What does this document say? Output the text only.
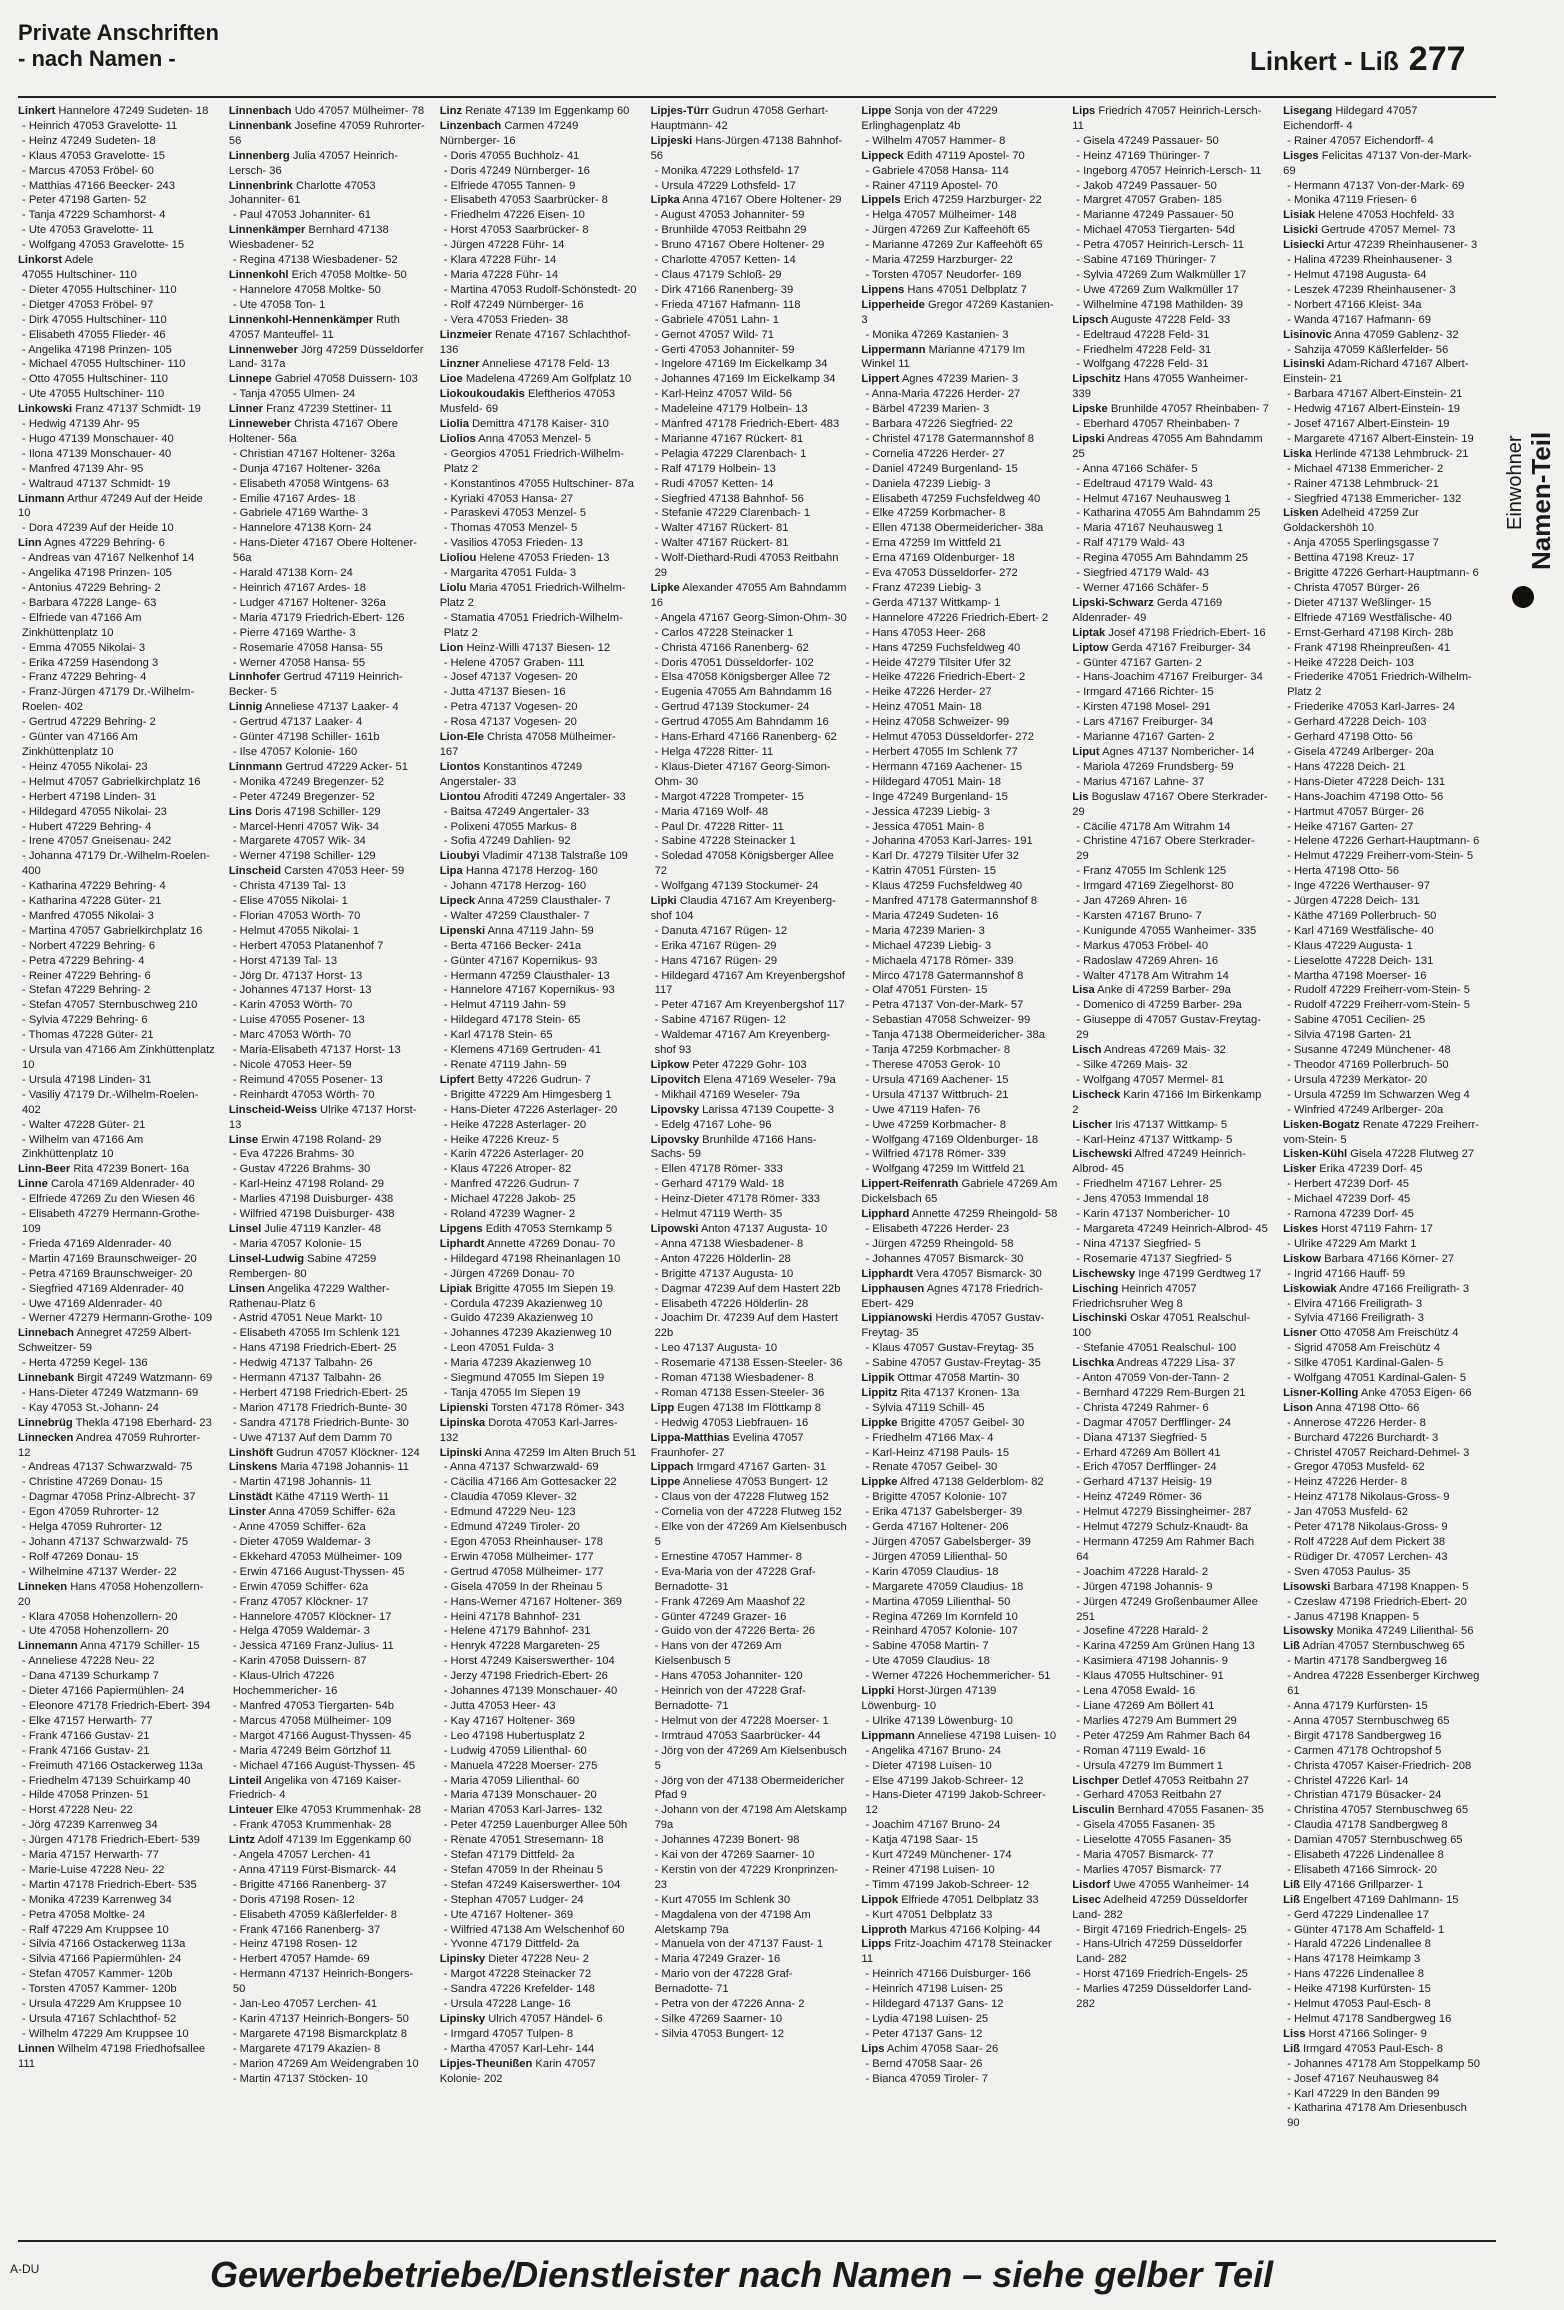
Private Anschriften
- nach Namen -	Linkert - Liß 277
Linkert Hannelore 47249 Sudeten- 18
- Heinrich 47053 Gravelotte- 11
- Heinz 47249 Sudeten- 18
- Klaus 47053 Gravelotte- 15
- Marcus 47053 Fröbel- 60
- Matthias 47166 Beecker- 243
- Peter 47198 Garten- 52
- Tanja 47229 Schamhorst- 4
- Ute 47053 Gravelotte- 11
- Wolfgang 47053 Gravelotte- 15
Linkorst Adele
47055 Hultschiner- 110
- Dieter 47055 Hultschiner- 110
- Dietger 47053 Fröbel- 97
- Dirk 47055 Hultschiner- 110
- Elisabeth 47055 Flieder- 46
- Angelika 47198 Prinzen- 105
- Michael 47055 Hultschiner- 110
- Otto 47055 Hultschiner- 110
- Ute 47055 Hultschiner- 110
Linkowski Franz 47137 Schmidt- 19
- Hedwig 47139 Ahr- 95
- Hugo 47139 Monschauer- 40
- Ilona 47139 Monschauer- 40
- Manfred 47139 Ahr- 95
- Waltraud 47137 Schmidt- 19
Linmann Arthur 47249 Auf der Heide 10
- Dora 47239 Auf der Heide 10
Linn Agnes 47229 Behring- 6
- Andreas van 47167 Nelkenhof 14
- Angelika 47198 Prinzen- 105
- Antonius 47229 Behring- 2
- Barbara 47228 Lange- 63
- Elfriede van 47166 Am Zinkhüttenplatz 10
- Emma 47055 Nikolai- 3
- Erika 47259 Hasendong 3
- Franz 47229 Behring- 4
- Franz-Jürgen 47179 Dr.-Wilhelm-Roelen- 402
- Gertrud 47229 Behring- 2
- Günter van 47166 Am Zinkhüttenplatz 10
- Heinz 47055 Nikolai- 23
- Helmut 47057 Gabrielkirchplatz 16
- Herbert 47198 Linden- 31
- Hildegard 47055 Nikolai- 23
- Hubert 47229 Behring- 4
- Irene 47057 Gneisenau- 242
- Johanna 47179 Dr.-Wilhelm-Roelen- 400
- Katharina 47229 Behring- 4
- Katharina 47228 Güter- 21
- Manfred 47055 Nikolai- 3
- Martina 47057 Gabrielkirchplatz 16
- Norbert 47229 Behring- 6
- Petra 47229 Behring- 4
- Reiner 47229 Behring- 6
- Stefan 47229 Behring- 2
- Stefan 47057 Sternbuschweg 210
- Sylvia 47229 Behring- 6
- Thomas 47228 Güter- 21
- Ursula van 47166 Am Zinkhüttenplatz 10
- Ursula 47198 Linden- 31
- Vasiliy 47179 Dr.-Wilhelm-Roelen- 402
- Walter 47228 Güter- 21
- Wilhelm van 47166 Am Zinkhüttenplatz 10
Linn-Beer Rita 47239 Bonert- 16a
Linne Carola 47169 Aldenrader- 40
- Elfriede 47269 Zu den Wiesen 46
- Elisabeth 47279 Hermann-Grothe- 109
- Frieda 47169 Aldenrader- 40
- Martin 47169 Braunschweiger- 20
- Petra 47169 Braunschweiger- 20
- Siegfried 47169 Aldenrader- 40
- Uwe 47169 Aldenrader- 40
- Werner 47279 Hermann-Grothe- 109
Linnebach Annegret 47259 Albert-Schweitzer- 59
- Herta 47259 Kegel- 136
Linnebank Birgit 47249 Watzmann- 69
- Hans-Dieter 47249 Watzmann- 69
- Kay 47053 St.-Johann- 24
Linnebrüg Thekla 47198 Eberhard- 23
Linnecken Andrea 47059 Ruhrorter- 12
- Andreas 47137 Schwarzwald- 75
- Christine 47269 Donau- 15
- Dagmar 47058 Prinz-Albrecht- 37
- Egon 47059 Ruhrorter- 12
- Helga 47059 Ruhrorter- 12
- Johann 47137 Schwarzwald- 75
- Rolf 47269 Donau- 15
- Wilhelmine 47137 Werder- 22
Linneken Hans 47058 Hohenzollern- 20
- Klara 47058 Hohenzollern- 20
- Ute 47058 Hohenzollern- 20
Linnemann Anna 47179 Schiller- 15
- Anneliese 47228 Neu- 22
- Dana 47139 Schurkamp 7
- Dieter 47166 Papiermühlen- 24
- Eleonore 47178 Friedrich-Ebert- 394
- Elke 47157 Herwarth- 77
- Frank 47166 Gustav- 21
- Frank 47166 Gustav- 21
- Freimuth 47166 Ostackerweg 113a
- Friedhelm 47139 Schuirkamp 40
- Hilde 47058 Prinzen- 51
- Horst 47228 Neu- 22
- Jörg 47239 Karrenweg 34
- Jürgen 47178 Friedrich-Ebert- 539
- Maria 47157 Herwarth- 77
- Marie-Luise 47228 Neu- 22
- Martin 47178 Friedrich-Ebert- 535
- Monika 47239 Karrenweg 34
- Petra 47058 Moltke- 24
- Ralf 47229 Am Kruppsee 10
- Silvia 47166 Ostackerweg 113a
- Silvia 47166 Papiermühlen- 24
- Stefan 47057 Kammer- 120b
- Torsten 47057 Kammer- 120b
- Ursula 47229 Am Kruppsee 10
- Ursula 47167 Schlachthof- 52
- Wilhelm 47229 Am Kruppsee 10
Linnen Wilhelm 47198 Friedhofsallee 111
Linnenbach Udo 47057 Mülheimer- 78
Linnenbank Josefine 47059 Ruhrorter- 56
Linnenberg Julia 47057 Heinrich-Lersch- 36
Linnenbrink Charlotte 47053 Johanniter- 61
- Paul 47053 Johanniter- 61
Linnenkämper Bernhard 47138 Wiesbadener- 52
- Regina 47138 Wiesbadener- 52
Linnenkohl Erich 47058 Moltke- 50
- Hannelore 47058 Moltke- 50
- Ute 47058 Ton- 1
Linnenkohl-Hennenkämper Ruth 47057 Manteuffel- 11
Linnenweber Jörg 47259 Düsseldorfer Land- 317a
Linnepe Gabriel 47058 Duissern- 103
- Tanja 47055 Ulmen- 24
Linner Franz 47239 Stettiner- 11
Linneweber Christa 47167 Obere Holtener- 56a
- Christian 47167 Holtener- 326a
- Dunja 47167 Holtener- 326a
- Elisabeth 47058 Wintgens- 63
- Emilie 47167 Ardes- 18
- Gabriele 47169 Warthe- 3
- Hannelore 47138 Korn- 24
- Hans-Dieter 47167 Obere Holtener- 56a
- Harald 47138 Korn- 24
- Heinrich 47167 Ardes- 18
- Ludger 47167 Holtener- 326a
- Maria 47179 Friedrich-Ebert- 126
- Pierre 47169 Warthe- 3
- Rosemarie 47058 Hansa- 55
- Werner 47058 Hansa- 55
Linnhofer Gertrud 47119 Heinrich-Becker- 5
Linnig Anneliese 47137 Laaker- 4
- Gertrud 47137 Laaker- 4
- Günter 47198 Schiller- 161b
- Ilse 47057 Kolonie- 160
Linnmann Gertrud 47229 Acker- 51
- Monika 47249 Bregenzer- 52
- Peter 47249 Bregenzer- 52
Lins Doris 47198 Schiller- 129
- Marcel-Henri 47057 Wik- 34
- Margarete 47057 Wik- 34
- Werner 47198 Schiller- 129
Linscheid Carsten 47053 Heer- 59
- Christa 47139 Tal- 13
- Elise 47055 Nikolai- 1
- Florian 47053 Wörth- 70
- Helmut 47055 Nikolai- 1
- Herbert 47053 Platanenhof 7
- Horst 47139 Tal- 13
- Jörg Dr. 47137 Horst- 13
- Johannes 47137 Horst- 13
- Karin 47053 Wörth- 70
- Luise 47055 Posener- 13
- Marc 47053 Wörth- 70
- Maria-Elisabeth 47137 Horst- 13
- Nicole 47053 Heer- 59
- Reimund 47055 Posener- 13
- Reinhardt 47053 Wörth- 70
Linscheid-Weiss Ulrike 47137 Horst- 13
Linse Erwin 47198 Roland- 29
- Eva 47226 Brahms- 30
- Gustav 47226 Brahms- 30
- Karl-Heinz 47198 Roland- 29
- Marlies 47198 Duisburger- 438
- Wilfried 47198 Duisburger- 438
Linsel Julie 47119 Kanzler- 48
- Maria 47057 Kolonie- 15
Linsel-Ludwig Sabine 47259 Rembergen- 80
Linsen Angelika 47229 Walther-Rathenau-Platz 6
- Astrid 47051 Neue Markt- 10
- Elisabeth 47055 Im Schlenk 121
- Hans 47198 Friedrich-Ebert- 25
- Hedwig 47137 Talbahn- 26
- Hermann 47137 Talbahn- 26
- Herbert 47198 Friedrich-Ebert- 25
- Marion 47178 Friedrich-Bunte- 30
- Sandra 47178 Friedrich-Bunte- 30
- Uwe 47137 Auf dem Damm 70
Linshöft Gudrun 47057 Klöckner- 124
Linskens Maria 47198 Johannis- 11
- Martin 47198 Johannis- 11
Linstädt Käthe 47119 Werth- 11
Linster Anna 47059 Schiffer- 62a
- Anne 47059 Schiffer- 62a
- Dieter 47059 Waldemar- 3
- Ekkehard 47053 Mülheimer- 109
- Erwin 47166 August-Thyssen- 45
- Erwin 47059 Schiffer- 62a
- Franz 47057 Klöckner- 17
- Hannelore 47057 Klöckner- 17
- Helga 47059 Waldemar- 3
- Jessica 47169 Franz-Julius- 11
- Karin 47058 Duissern- 87
- Klaus-Ulrich 47226 Hochemmericher- 16
- Manfred 47053 Tiergarten- 54b
- Marcus 47058 Mülheimer- 109
- Margot 47166 August-Thyssen- 45
- Maria 47249 Beim Görtzhof 11
- Michael 47166 August-Thyssen- 45
Linteil Angelika von 47169 Kaiser-Friedrich- 4
Linteuer Elke 47053 Krummenhak- 28
- Frank 47053 Krummenhak- 28
Lintz Adolf 47139 Im Eggenkamp 60
- Angela 47057 Lerchen- 41
- Anna 47119 Fürst-Bismarck- 44
- Brigitte 47166 Ranenberg- 37
- Doris 47198 Rosen- 12
- Elisabeth 47059 Käßlerfelder- 8
- Frank 47166 Ranenberg- 37
- Heinz 47198 Rosen- 12
- Herbert 47057 Hamde- 69
- Hermann 47137 Heinrich-Bongers- 50
- Jan-Leo 47057 Lerchen- 41
- Karin 47137 Heinrich-Bongers- 50
- Margarete 47198 Bismarckplatz 8
- Margarete 47179 Akazien- 8
- Marion 47269 Am Weidengraben 10
- Martin 47137 Stöcken- 10
Linz Renate 47139 Im Eggenkamp 60
Linzenbach Carmen 47249 Nürnberger- 16
- Doris 47055 Buchholz- 41
- Doris 47249 Nürnberger- 16
- Elfriede 47055 Tannen- 9
- Elisabeth 47053 Saarbrücker- 8
- Friedhelm 47226 Eisen- 10
- Horst 47053 Saarbrücker- 8
- Jürgen 47228 Führ- 14
- Klara 47228 Führ- 14
- Maria 47228 Führ- 14
- Martina 47053 Rudolf-Schönstedt- 20
- Rolf 47249 Nürnberger- 16
- Vera 47053 Frieden- 38
Linzmeier Renate 47167 Schlachthof- 136
Linzner Anneliese 47178 Feld- 13
Lioe Madelena 47269 Am Golfplatz 10
Liokoukoudakis Eleftherios 47053 Musfeld- 69
Liolia Demittra 47178 Kaiser- 310
Liolios Anna 47053 Menzel- 5
- Georgios 47051 Friedrich-Wilhelm-Platz 2
- Konstantinos 47055 Hultschiner- 87a
- Kyriaki 47053 Hansa- 27
- Paraskevi 47053 Menzel- 5
- Thomas 47053 Menzel- 5
- Vasilios 47053 Frieden- 13
Lioliou Helene 47053 Frieden- 13
- Margarita 47051 Fulda- 3
Liolu Maria 47051 Friedrich-Wilhelm-Platz 2
- Stamatia 47051 Friedrich-Wilhelm-Platz 2
Lion Heinz-Willi 47137 Biesen- 12
- Helene 47057 Graben- 111
- Josef 47137 Vogesen- 20
- Jutta 47137 Biesen- 16
- Petra 47137 Vogesen- 20
- Rosa 47137 Vogesen- 20
Lion-Ele Christa 47058 Mülheimer- 167
Liontos Konstantinos 47249 Angerstaler- 33
Liontou Afroditi 47249 Angertaler- 33
- Baitsa 47249 Angertaler- 33
- Polixeni 47055 Markus- 8
- Sofia 47249 Dahlien- 92
Lioubyi Vladimir 47138 Talstraße 109
Lipa Hanna 47178 Herzog- 160
- Johann 47178 Herzog- 160
Lipeck Anna 47259 Clausthaler- 7
- Walter 47259 Clausthaler- 7
Lipenski Anna 47119 Jahn- 59
- Berta 47166 Becker- 241a
- Günter 47167 Kopernikus- 93
- Hermann 47259 Clausthaler- 13
- Hannelore 47167 Kopernikus- 93
- Helmut 47119 Jahn- 59
- Hildegard 47178 Stein- 65
- Karl 47178 Stein- 65
- Klemens 47169 Gertruden- 41
- Renate 47119 Jahn- 59
Lipfert Betty 47226 Gudrun- 7
- Brigitte 47229 Am Himgesberg 1
- Hans-Dieter 47226 Asterlager- 20
- Heike 47228 Asterlager- 20
- Heike 47226 Kreuz- 5
- Karin 47226 Asterlager- 20
- Klaus 47226 Atroper- 82
- Manfred 47226 Gudrun- 7
- Michael 47228 Jakob- 25
- Roland 47239 Wagner- 2
Lipgens Edith 47053 Sternkamp 5
Liphardt Annette 47269 Donau- 70
- Hildegard 47198 Rheinanlagen 10
- Jürgen 47269 Donau- 70
Lipiak Brigitte 47055 Im Siepen 19
- Cordula 47239 Akazienweg 10
- Guido 47239 Akazienweg 10
- Johannes 47239 Akazienweg 10
- Leon 47051 Fulda- 3
- Maria 47239 Akazienweg 10
- Siegmund 47055 Im Siepen 19
- Tanja 47055 Im Siepen 19
Lipienski Torsten 47178 Römer- 343
Lipinska Dorota 47053 Karl-Jarres- 132
Lipinski Anna 47259 Im Alten Bruch 51
- Anna 47137 Schwarzwald- 69
- Cäcilia 47166 Am Gottesacker 22
- Claudia 47059 Klever- 32
- Edmund 47229 Neu- 123
- Edmund 47249 Tiroler- 20
- Egon 47053 Rheinhauser- 178
- Erwin 47058 Mülheimer- 177
- Gertrud 47058 Mülheimer- 177
- Gisela 47059 In der Rheinau 5
- Hans-Werner 47167 Holtener- 369
- Heini 47178 Bahnhof- 231
- Helene 47179 Bahnhof- 231
- Henryk 47228 Margareten- 25
- Horst 47249 Kaiserswerther- 104
- Jerzy 47198 Friedrich-Ebert- 26
- Johannes 47139 Monschauer- 40
- Jutta 47053 Heer- 43
- Kay 47167 Holtener- 369
- Leo 47198 Hubertusplatz 2
- Ludwig 47059 Lilienthal- 60
- Manuela 47228 Moerser- 275
- Maria 47059 Lilienthal- 60
- Maria 47139 Monschauer- 20
- Marian 47053 Karl-Jarres- 132
- Peter 47259 Lauenburger Allee 50h
- Renate 47051 Stresemann- 18
- Stefan 47179 Dittfeld- 2a
- Stefan 47059 In der Rheinau 5
- Stefan 47249 Kaiserswerther- 104
- Stephan 47057 Ludger- 24
- Ute 47167 Holtener- 369
- Wilfried 47138 Am Welschenhof 60
- Yvonne 47179 Dittfeld- 2a
Lipinsky Dieter 47228 Neu- 2
- Margot 47228 Steinacker 72
- Sandra 47226 Krefelder- 148
- Ursula 47228 Lange- 16
Lipinsky Ulrich 47057 Händel- 6
- Irmgard 47057 Tulpen- 8
- Martha 47057 Karl-Lehr- 144
Lipjes-Theunißen Karin 47057 Kolonie- 202
Lipjes-Türr Gudrun 47058 Gerhart-Hauptmann- 42
Lipjeski Hans-Jürgen 47138 Bahnhof- 56
- Monika 47229 Lothsfeld- 17
- Ursula 47229 Lothsfeld- 17
Lipka Anna 47167 Obere Holtener- 29
- August 47053 Johanniter- 59
- Brunhilde 47053 Reitbahn 29
- Bruno 47167 Obere Holtener- 29
- Charlotte 47057 Ketten- 14
- Claus 47179 Schloß- 29
- Dirk 47166 Ranenberg- 39
- Frieda 47167 Hafmann- 118
- Gabriele 47051 Lahn- 1
- Gernot 47057 Wild- 71
- Gerti 47053 Johanniter- 59
- Ingelore 47169 Im Eickelkamp 34
- Johannes 47169 Im Eickelkamp 34
- Karl-Heinz 47057 Wild- 56
- Madeleine 47179 Holbein- 13
- Manfred 47178 Friedrich-Ebert- 483
- Marianne 47167 Rückert- 81
- Pelagia 47229 Clarenbach- 1
- Ralf 47179 Holbein- 13
- Rudi 47057 Ketten- 14
- Siegfried 47138 Bahnhof- 56
- Stefanie 47229 Clarenbach- 1
- Walter 47167 Rückert- 81
- Walter 47167 Rückert- 81
- Wolf-Diethard-Rudi 47053 Reitbahn 29
Lipke Alexander 47055 Am Bahndamm 16
- Angela 47167 Georg-Simon-Ohm- 30
- Carlos 47228 Steinacker 1
- Christa 47166 Ranenberg- 62
- Doris 47051 Düsseldorfer- 102
- Elsa 47058 Königsberger Allee 72
- Eugenia 47055 Am Bahndamm 16
- Gertrud 47139 Stockumer- 24
- Gertrud 47055 Am Bahndamm 16
- Hans-Erhard 47166 Ranenberg- 62
- Helga 47228 Ritter- 11
- Klaus-Dieter 47167 Georg-Simon-Ohm- 30
- Margot 47228 Trompeter- 15
- Maria 47169 Wolf- 48
- Paul Dr. 47228 Ritter- 11
- Sabine 47228 Steinacker 1
- Soledad 47058 Königsberger Allee 72
- Wolfgang 47139 Stockumer- 24
Lipki Claudia 47167 Am Kreyenbergshof 104
- Danuta 47167 Rügen- 12
- Erika 47167 Rügen- 29
- Hans 47167 Rügen- 29
- Hildegard 47167 Am Kreyenbergshof 117
- Peter 47167 Am Kreyenbergshof 117
- Sabine 47167 Rügen- 12
- Waldemar 47167 Am Kreyenbergshof 93
Lipkow Peter 47229 Gohr- 103
Lipovitch Elena 47169 Weseler- 79a
- Mikhail 47169 Weseler- 79a
Lipovsky Larissa 47139 Coupette- 3
- Edelg 47167 Lohe- 96
Lipovsky Brunhilde 47166 Hans-Sachs- 59
- Ellen 47178 Römer- 333
- Gerhard 47179 Wald- 18
- Heinz-Dieter 47178 Römer- 333
- Helmut 47119 Werth- 35
Lipowski Anton 47137 Augusta- 10
- Anna 47138 Wiesbadener- 8
- Anton 47226 Hölderlin- 28
- Brigitte 47137 Augusta- 10
- Dagmar 47239 Auf dem Hastert 22b
- Elisabeth 47226 Hölderlin- 28
- Joachim Dr. 47239 Auf dem Hastert 22b
- Leo 47137 Augusta- 10
- Rosemarie 47138 Essen-Steeler- 36
- Roman 47138 Wiesbadener- 8
- Roman 47138 Essen-Steeler- 36
Lipp Eugen 47138 Im Flöttkamp 8
- Hedwig 47053 Liebfrauen- 16
Lippa-Matthias Evelina 47057 Fraunhofer- 27
Lippach Irmgard 47167 Garten- 31
Lippe Anneliese 47053 Bungert- 12
- Claus von der 47228 Flutweg 152
- Cornelia von der 47228 Flutweg 152
- Elke von der 47269 Am Kielsenbusch 5
- Ernestine 47057 Hammer- 8
- Eva-Maria von der 47228 Graf-Bernadotte- 31
- Frank 47269 Am Maashof 22
- Günter 47249 Grazer- 16
- Guido von der 47226 Berta- 26
- Hans von der 47269 Am Kielsenbusch 5
- Hans 47053 Johanniter- 120
- Heinrich von der 47228 Graf-Bernadotte- 71
- Helmut von der 47228 Moerser- 1
- Irmtraud 47053 Saarbrücker- 44
- Jörg von der 47269 Am Kielsenbusch 5
- Jörg von der 47138 Obermeidericher Pfad 9
- Johann von der 47198 Am Aletskamp 79a
- Johannes 47239 Bonert- 98
- Kai von der 47269 Saarner- 10
- Kerstin von der 47229 Kronprinzen- 23
- Kurt 47055 Im Schlenk 30
- Magdalena von der 47198 Am Aletskamp 79a
- Manuela von der 47137 Faust- 1
- Maria 47249 Grazer- 16
- Mario von der 47228 Graf-Bernadotte- 71
- Petra von der 47226 Anna- 2
- Silke 47269 Saarner- 10
- Silvia 47053 Bungert- 12
Lippe Sonja von der 47229 Erlinghagenplatz 4b
- Wilhelm 47057 Hammer- 8
Lippeck Edith 47119 Apostel- 70
- Gabriele 47058 Hansa- 114
- Rainer 47119 Apostel- 70
Lippels Erich 47259 Harzburger- 22
- Helga 47057 Mülheimer- 148
- Jürgen 47269 Zur Kaffeehöft 65
- Marianne 47269 Zur Kaffeehöft 65
- Maria 47259 Harzburger- 22
- Torsten 47057 Neudorfer- 169
Lippens Hans 47051 Delbplatz 7
Lipperheide Gregor 47269 Kastanien- 3
- Monika 47269 Kastanien- 3
Lippermann Marianne 47179 Im Winkel 11
Lippert Agnes 47239 Marien- 3
- Anna-Maria 47226 Herder- 27
- Bärbel 47239 Marien- 3
- Barbara 47226 Siegfried- 22
- Christel 47178 Gatermannshof 8
- Cornelia 47226 Herder- 27
- Daniel 47249 Burgenland- 15
- Daniela 47239 Liebig- 3
- Elisabeth 47259 Fuchsfeldweg 40
- Elke 47259 Korbmacher- 8
- Ellen 47138 Obermeidericher- 38a
- Erna 47259 Im Wittfeld 21
- Erna 47169 Oldenburger- 18
- Eva 47053 Düsseldorfer- 272
- Franz 47239 Liebig- 3
- Gerda 47137 Wittkamp- 1
- Hannelore 47226 Friedrich-Ebert- 2
- Hans 47053 Heer- 268
- Hans 47259 Fuchsfeldweg 40
- Heide 47279 Tilsiter Ufer 32
- Heike 47226 Friedrich-Ebert- 2
- Heike 47226 Herder- 27
- Heinz 47051 Main- 18
- Heinz 47058 Schweizer- 99
- Helmut 47053 Düsseldorfer- 272
- Herbert 47055 Im Schlenk 77
- Hermann 47169 Aachener- 15
- Hildegard 47051 Main- 18
- Inge 47249 Burgenland- 15
- Jessica 47239 Liebig- 3
- Jessica 47051 Main- 8
- Johanna 47053 Karl-Jarres- 191
- Karl Dr. 47279 Tilsiter Ufer 32
- Katrin 47051 Fürsten- 15
- Klaus 47259 Fuchsfeldweg 40
- Manfred 47178 Gatermannshof 8
- Maria 47249 Sudeten- 16
- Maria 47239 Marien- 3
- Michael 47239 Liebig- 3
- Michaela 47178 Römer- 339
- Mirco 47178 Gatermannshof 8
- Olaf 47051 Fürsten- 15
- Petra 47137 Von-der-Mark- 57
- Sebastian 47058 Schweizer- 99
- Tanja 47138 Obermeidericher- 38a
- Tanja 47259 Korbmacher- 8
- Therese 47053 Gerok- 10
- Ursula 47169 Aachener- 15
- Ursula 47137 Wittbruch- 21
- Uwe 47119 Hafen- 76
- Uwe 47259 Korbmacher- 8
- Wolfgang 47169 Oldenburger- 18
- Wilfried 47178 Römer- 339
- Wolfgang 47259 Im Wittfeld 21
Lippert-Reifenrath Gabriele 47269 Am Dickelsbach 65
Lipphard Annette 47259 Rheingold- 58
- Elisabeth 47226 Herder- 23
- Jürgen 47259 Rheingold- 58
- Johannes 47057 Bismarck- 30
Lipphardt Vera 47057 Bismarck- 30
Lipphausen Agnes 47178 Friedrich-Ebert- 429
Lippianowski Herdis 47057 Gustav-Freytag- 35
- Klaus 47057 Gustav-Freytag- 35
- Sabine 47057 Gustav-Freytag- 35
Lippik Ottmar 47058 Martin- 30
Lippitz Rita 47137 Kronen- 13a
- Sylvia 47119 Schill- 45
Lippke Brigitte 47057 Geibel- 30
- Friedhelm 47166 Max- 4
- Karl-Heinz 47198 Pauls- 15
- Renate 47057 Geibel- 30
Lippke Alfred 47138 Gelderblom- 82
- Brigitte 47057 Kolonie- 107
- Erika 47137 Gabelsberger- 39
- Gerda 47167 Holtener- 206
- Jürgen 47057 Gabelsberger- 39
- Jürgen 47059 Lilienthal- 50
- Karin 47059 Claudius- 18
- Margarete 47059 Claudius- 18
- Martina 47059 Lilienthal- 50
- Regina 47269 Im Kornfeld 10
- Reinhard 47057 Kolonie- 107
- Sabine 47058 Martin- 7
- Ute 47059 Claudius- 18
- Werner 47226 Hochemmericher- 51
Lippki Horst-Jürgen 47139 Löwenburg- 10
- Ulrike 47139 Löwenburg- 10
Lippmann Anneliese 47198 Luisen- 10
- Angelika 47167 Bruno- 24
- Dieter 47198 Luisen- 10
- Else 47199 Jakob-Schreer- 12
- Hans-Dieter 47199 Jakob-Schreer- 12
- Joachim 47167 Bruno- 24
- Katja 47198 Saar- 15
- Kurt 47249 Münchener- 174
- Reiner 47198 Luisen- 10
- Timm 47199 Jakob-Schreer- 12
Lippok Elfriede 47051 Delbplatz 33
- Kurt 47051 Delbplatz 33
Lipproth Markus 47166 Kolping- 44
Lipps Fritz-Joachim 47178 Steinacker 11
- Heinrich 47166 Duisburger- 166
- Heinrich 47198 Luisen- 25
- Hildegard 47137 Gans- 12
- Lydia 47198 Luisen- 25
- Peter 47137 Gans- 12
Lips Achim 47058 Saar- 26
- Bernd 47058 Saar- 26
- Bianca 47059 Tiroler- 7
Lips Friedrich 47057 Heinrich-Lersch- 11
- Gisela 47249 Passauer- 50
- Heinz 47169 Thüringer- 7
- Ingeborg 47057 Heinrich-Lersch- 11
- Jakob 47249 Passauer- 50
- Margret 47057 Graben- 185
- Marianne 47249 Passauer- 50
- Michael 47053 Tiergarten- 54d
- Petra 47057 Heinrich-Lersch- 11
- Sabine 47169 Thüringer- 7
- Sylvia 47269 Zum Walkmüller 17
- Uwe 47269 Zum Walkmüller 17
- Wilhelmine 47198 Mathilden- 39
Lipsch Auguste 47228 Feld- 33
- Edeltraud 47228 Feld- 31
- Friedhelm 47228 Feld- 31
- Wolfgang 47228 Feld- 31
Lipschitz Hans 47055 Wanheimer- 339
Lipske Brunhilde 47057 Rheinbaben- 7
- Eberhard 47057 Rheinbaben- 7
Lipski Andreas 47055 Am Bahndamm 25
- Anna 47166 Schäfer- 5
- Edeltraud 47179 Wald- 43
- Helmut 47167 Neuhausweg 1
- Katharina 47055 Am Bahndamm 25
- Maria 47167 Neuhausweg 1
- Ralf 47179 Wald- 43
- Regina 47055 Am Bahndamm 25
- Siegfried 47179 Wald- 43
- Werner 47166 Schäfer- 5
Lipski-Schwarz Gerda 47169 Aldenrader- 49
Liptak Josef 47198 Friedrich-Ebert- 16
Liptow Gerda 47167 Freiburger- 34
- Günter 47167 Garten- 2
- Hans-Joachim 47167 Freiburger- 34
- Irmgard 47166 Richter- 15
- Kirsten 47198 Mosel- 291
- Lars 47167 Freiburger- 34
- Marianne 47167 Garten- 2
Liput Agnes 47137 Nombericher- 14
- Mariola 47269 Frundsberg- 59
- Marius 47167 Lahne- 37
Lis Boguslaw 47167 Obere Sterkrader- 29
- Cäcilie 47178 Am Witrahm 14
- Christine 47167 Obere Sterkrader- 29
- Franz 47055 Im Schlenk 125
- Irmgard 47169 Ziegelhorst- 80
- Jan 47269 Ahren- 16
- Karsten 47167 Bruno- 7
- Kunigunde 47055 Wanheimer- 335
- Markus 47053 Fröbel- 40
- Radoslaw 47269 Ahren- 16
- Walter 47178 Am Witrahm 14
Lisa Anke di 47259 Barber- 29a
- Domenico di 47259 Barber- 29a
- Giuseppe di 47057 Gustav-Freytag- 29
Lisch Andreas 47269 Mais- 32
- Silke 47269 Mais- 32
- Wolfgang 47057 Mermel- 81
Lischeck Karin 47166 Im Birkenkamp 2
Lischer Iris 47137 Wittkamp- 5
- Karl-Heinz 47137 Wittkamp- 5
Lischewski Alfred 47249 Heinrich-Albrod- 45
- Friedhelm 47167 Lehrer- 25
- Jens 47053 Immendal 18
- Karin 47137 Nombericher- 10
- Margareta 47249 Heinrich-Albrod- 45
- Nina 47137 Siegfried- 5
- Rosemarie 47137 Siegfried- 5
Lischewsky Inge 47199 Gerdtweg 17
Lisching Heinrich 47057 Friedrichsruher Weg 8
Lischinski Oskar 47051 Realschul- 100
- Stefanie 47051 Realschul- 100
Lischka Andreas 47229 Lisa- 37
- Anton 47059 Von-der-Tann- 2
- Bernhard 47229 Rem-Burgen 21
- Christa 47249 Rahmer- 6
- Dagmar 47057 Derfflinger- 24
- Diana 47137 Siegfried- 5
- Erhard 47269 Am Böllert 41
- Erich 47057 Derfflinger- 24
- Gerhard 47137 Heisig- 19
- Heinz 47249 Römer- 36
- Helmut 47279 Bissingheimer- 287
- Helmut 47279 Schulz-Knaudt- 8a
- Hermann 47259 Am Rahmer Bach 64
- Joachim 47228 Harald- 2
- Jürgen 47198 Johannis- 9
- Jürgen 47249 Großenbaumer Allee 251
- Josefine 47228 Harald- 2
- Karina 47259 Am Grünen Hang 13
- Kasimiera 47198 Johannis- 9
- Klaus 47055 Hultschiner- 91
- Lena 47058 Ewald- 16
- Liane 47269 Am Böllert 41
- Marlies 47279 Am Bummert 29
- Peter 47259 Am Rahmer Bach 64
- Roman 47119 Ewald- 16
- Ursula 47279 Im Bummert 1
Lischper Detlef 47053 Reitbahn 27
- Gerhard 47053 Reitbahn 27
Lisculin Bernhard 47055 Fasanen- 35
- Gisela 47055 Fasanen- 35
- Lieselotte 47055 Fasanen- 35
- Maria 47057 Bismarck- 77
- Marlies 47057 Bismarck- 77
Lisdorf Uwe 47055 Wanheimer- 14
Lisec Adelheid 47259 Düsseldorfer Land- 282
- Birgit 47169 Friedrich-Engels- 25
- Hans-Ulrich 47259 Düsseldorfer Land- 282
- Horst 47169 Friedrich-Engels- 25
- Marlies 47259 Düsseldorfer Land- 282
Lisegang Hildegard 47057 Eichendorff- 4
- Rainer 47057 Eichendorff- 4
Lisges Felicitas 47137 Von-der-Mark- 69
- Hermann 47137 Von-der-Mark- 69
- Monika 47119 Friesen- 6
Lisiak Helene 47053 Hochfeld- 33
Lisicki Gertrude 47057 Memel- 73
Lisiecki Artur 47239 Rheinhausener- 3
- Halina 47239 Rheinhausener- 3
- Helmut 47198 Augusta- 64
- Leszek 47239 Rheinhausener- 3
- Norbert 47166 Kleist- 34a
- Wanda 47167 Hafmann- 69
Lisinovic Anna 47059 Gablenz- 32
- Sahzija 47059 Käßlerfelder- 56
Lisinski Adam-Richard 47167 Albert-Einstein- 21
- Barbara 47167 Albert-Einstein- 21
- Hedwig 47167 Albert-Einstein- 19
- Josef 47167 Albert-Einstein- 19
- Margarete 47167 Albert-Einstein- 19
Liska Herlinde 47138 Lehmbruck- 21
- Michael 47138 Emmericher- 2
- Rainer 47138 Lehmbruck- 21
- Siegfried 47138 Emmericher- 132
Lisken Adelheid 47259 Zur Goldackershöh 10
- Anja 47055 Sperlingsgasse 7
- Bettina 47198 Kreuz- 17
- Brigitte 47226 Gerhart-Hauptmann- 6
- Christa 47057 Bürger- 26
- Dieter 47137 Weßlinger- 15
- Elfriede 47169 Westfälische- 40
- Ernst-Gerhard 47198 Kirch- 28b
- Frank 47198 Rheinpreußen- 41
- Heike 47228 Deich- 103
- Friederike 47051 Friedrich-Wilhelm-Platz 2
- Friederike 47053 Karl-Jarres- 24
- Gerhard 47228 Deich- 103
- Gerhard 47198 Otto- 56
- Gisela 47249 Arlberger- 20a
- Hans 47228 Deich- 21
- Hans-Dieter 47228 Deich- 131
- Hans-Joachim 47198 Otto- 56
- Hartmut 47057 Bürger- 26
- Heike 47167 Garten- 27
- Helene 47226 Gerhart-Hauptmann- 6
- Helmut 47229 Freiherr-vom-Stein- 5
- Herta 47198 Otto- 56
- Inge 47226 Werthauser- 97
- Jürgen 47228 Deich- 131
- Käthe 47169 Pollerbruch- 50
- Karl 47169 Westfälische- 40
- Klaus 47229 Augusta- 1
- Lieselotte 47228 Deich- 131
- Martha 47198 Moerser- 16
- Rudolf 47229 Freiherr-vom-Stein- 5
- Rudolf 47229 Freiherr-vom-Stein- 5
- Sabine 47051 Cecilien- 25
- Silvia 47198 Garten- 21
- Susanne 47249 Münchener- 48
- Theodor 47169 Pollerbruch- 50
- Ursula 47239 Merkator- 20
- Ursula 47259 Im Schwarzen Weg 4
- Winfried 47249 Arlberger- 20a
Lisken-Bogatz Renate 47229 Freiherr-vom-Stein- 5
Lisken-Kühl Gisela 47228 Flutweg 27
Lisker Erika 47239 Dorf- 45
- Herbert 47239 Dorf- 45
- Michael 47239 Dorf- 45
- Ramona 47239 Dorf- 45
Liskes Horst 47119 Fahrn- 17
- Ulrike 47229 Am Markt 1
Liskow Barbara 47166 Körner- 27
- Ingrid 47166 Hauff- 59
Liskowiak Andre 47166 Freiligrath- 3
- Elvira 47166 Freiligrath- 3
- Sylvia 47166 Freiligrath- 3
Lisner Otto 47058 Am Freischütz 4
- Sigrid 47058 Am Freischütz 4
- Silke 47051 Kardinal-Galen- 5
- Wolfgang 47051 Kardinal-Galen- 5
Lisner-Kolling Anke 47053 Eigen- 66
Lison Anna 47198 Otto- 66
- Annerose 47226 Herder- 8
- Burchard 47226 Burchardt- 3
- Christel 47057 Reichard-Dehmel- 3
- Gregor 47053 Musfeld- 62
- Heinz 47226 Herder- 8
- Heinz 47178 Nikolaus-Gross- 9
- Jan 47053 Musfeld- 62
- Peter 47178 Nikolaus-Gross- 9
- Rolf 47228 Auf dem Pickert 38
- Rüdiger Dr. 47057 Lerchen- 43
- Sven 47053 Paulus- 35
Lisowski Barbara 47198 Knappen- 5
- Czeslaw 47198 Friedrich-Ebert- 20
- Janus 47198 Knappen- 5
Lisowsky Monika 47249 Lilienthal- 56
Liß Adrian 47057 Sternbuschweg 65
- Martin 47178 Sandbergweg 16
- Andrea 47228 Essenberger Kirchweg 61
- Anna 47179 Kurfürsten- 15
- Anna 47057 Sternbuschweg 65
- Birgit 47178 Sandbergweg 16
- Carmen 47178 Ochtropshof 5
- Christa 47057 Kaiser-Friedrich- 208
- Christel 47226 Karl- 14
- Christian 47179 Büsacker- 24
- Christina 47057 Sternbuschweg 65
- Claudia 47178 Sandbergweg 8
- Damian 47057 Sternbuschweg 65
- Elisabeth 47226 Lindenallee 8
- Elisabeth 47166 Simrock- 20
Liß Elly 47166 Grillparzer- 1
Liß Engelbert 47169 Dahlmann- 15
- Gerd 47229 Lindenallee 17
- Günter 47178 Am Schaffeld- 1
- Harald 47226 Lindenallee 8
- Hans 47178 Heimkamp 3
- Hans 47226 Lindenallee 8
- Heike 47198 Kurfürsten- 15
- Helmut 47053 Paul-Esch- 8
- Helmut 47178 Sandbergweg 16
Liss Horst 47166 Solinger- 9
Liß Irmgard 47053 Paul-Esch- 8
- Johannes 47178 Am Stoppelkamp 50
- Josef 47167 Neuhausweg 84
- Karl 47229 In den Bänden 99
- Katharina 47178 Am Driesenbusch 90
Einwohner Namen-Teil
A-DU	Gewerbebetriebe/Dienstleister nach Namen – siehe gelber Teil
